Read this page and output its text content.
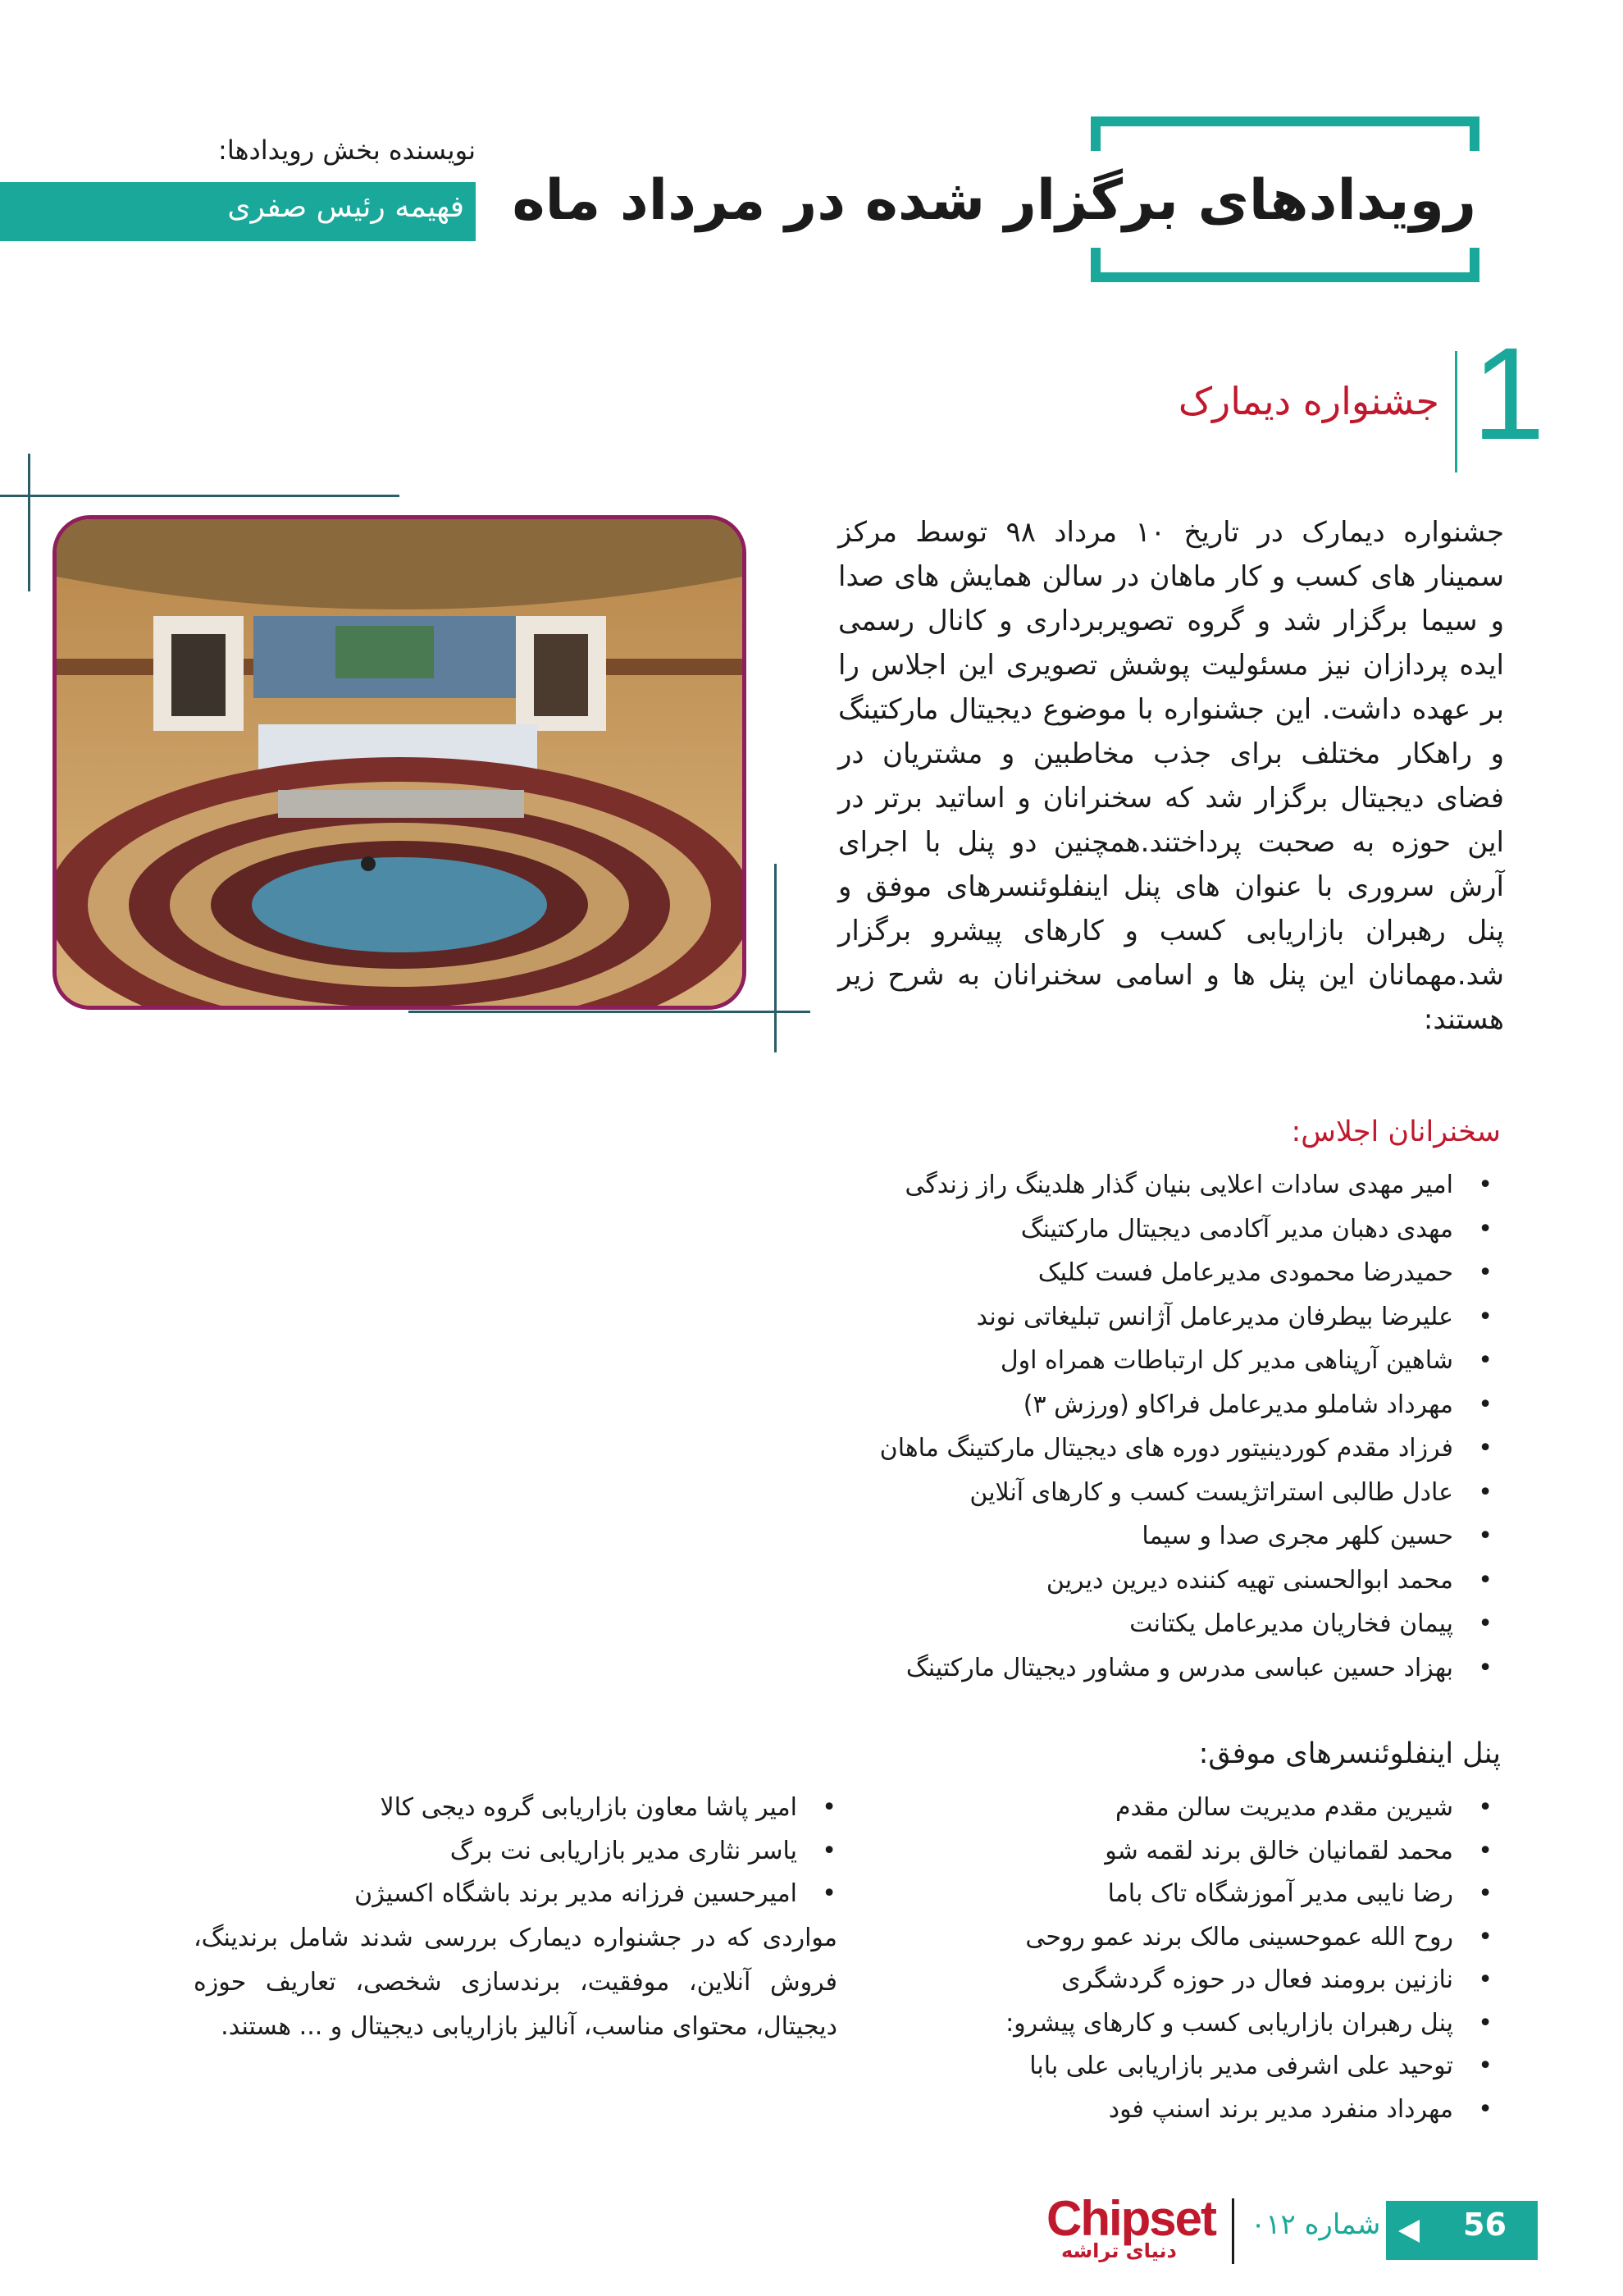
رویدادهای برگزار شده در مرداد ماه
نویسنده بخش رویدادها:
فهیمه رئیس صفری
1
جشنواره دیمارک
جشنواره دیمارک در تاریخ ۱۰ مرداد ۹۸ توسط مرکز سمینار های کسب و کار ماهان در سالن همایش های صدا و سیما برگزار شد و گروه تصویربرداری و کانال رسمی ایده پردازان نیز مسئولیت پوشش تصویری این اجلاس را بر عهده داشت. این جشنواره با موضوع دیجیتال مارکتینگ و راهکار مختلف برای جذب مخاطبین و مشتریان در فضای دیجیتال برگزار شد که سخنرانان و اساتید برتر در این حوزه به صحبت پرداختند.همچنین دو پنل با اجرای آرش سروری با عنوان های پنل اینفلوئنسرهای موفق و پنل رهبران بازاریابی کسب و کارهای پیشرو برگزار شد.مهمانان این پنل ها و اسامی سخنرانان به شرح زیر هستند:
سخنرانان اجلاس:
• امیر مهدی سادات اعلایی بنیان گذار هلدینگ راز زندگی
• مهدی دهبان مدیر آکادمی دیجیتال مارکتینگ
• حمیدرضا محمودی مدیرعامل فست کلیک
• علیرضا بیطرفان مدیرعامل آژانس تبلیغاتی نوند
• شاهین آرپناهی مدیر کل ارتباطات همراه اول
• مهرداد شاملو مدیرعامل فراکاو (ورزش ۳)
• فرزاد مقدم کوردینیتور دوره های دیجیتال مارکتینگ ماهان
• عادل طالبی استراتژیست کسب و کارهای آنلاین
• حسین کلهر مجری صدا و سیما
• محمد ابوالحسنی تهیه کننده دیرین دیرین
• پیمان فخاریان مدیرعامل یکتانت
• بهزاد حسین عباسی مدرس و مشاور دیجیتال مارکتینگ
پنل اینفلوئنسرهای موفق:
• شیرین مقدم مدیریت سالن مقدم
• محمد لقمانیان خالق برند لقمه شو
• رضا نایبی مدیر آموزشگاه تاک باما
• روح الله عموحسینی مالک برند عمو روحی
• نازنین برومند فعال در حوزه گردشگری
• پنل رهبران بازاریابی کسب و کارهای پیشرو:
• توحید علی اشرفی مدیر بازاریابی علی بابا
• مهرداد منفرد مدیر برند اسنپ فود
• امیر پاشا معاون بازاریابی گروه دیجی کالا
• یاسر نثاری مدیر بازاریابی نت برگ
• امیرحسین فرزانه مدیر برند باشگاه اکسیژن
مواردی که در جشنواره دیمارک بررسی شدند شامل برندینگ، فروش آنلاین، موفقیت، برندسازی شخصی، تعاریف حوزه دیجیتال، محتوای مناسب، آنالیز بازاریابی دیجیتال و ... هستند.
Chipset
دنیای تراشه
شماره ۰۱۲	56
